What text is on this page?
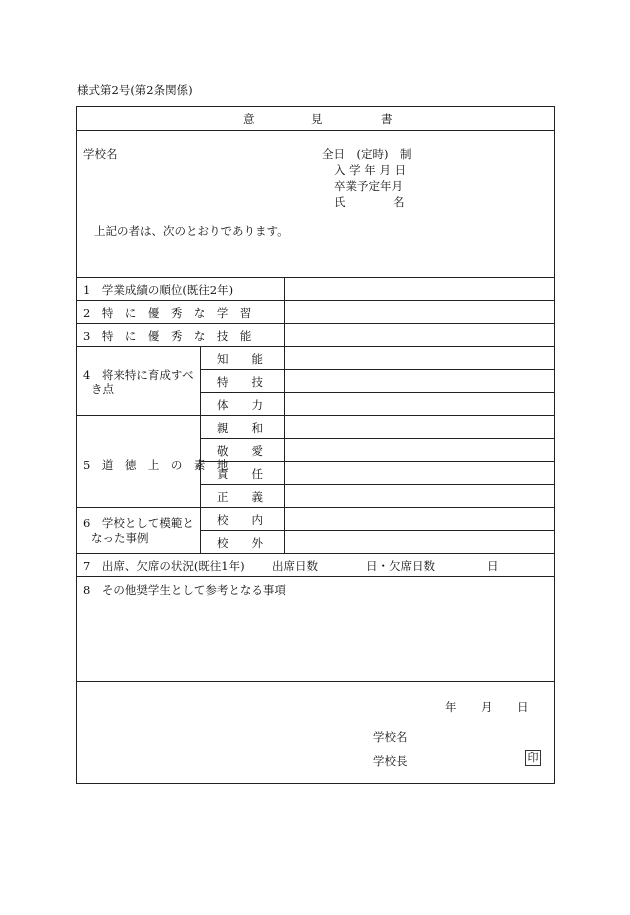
様式第2号(第2条関係)
意	見	書
学校名	全日　(定時)　制
入 学 年 月 日
卒業予定年月
氏	名
上記の者は、次のとおりであります。
1　学業成績の順位(既往2年)
2　特　に　優　秀　な　学　習
3　特　に　優　秀　な　技　能
4　将来特に育成すべ
き点
知　　能
特　　技
体　　力
5　道　徳　上　の　素　地
親　　和
敬　　愛
責　　任
正　　義
6　学校として模範と
なった事例
校　　内
校　　外
7　出席、欠席の状況(既往1年) 出席日数	日・欠席日数	日
8　その他奨学生として参考となる事項
年 月 日
学校名
学校長	印
